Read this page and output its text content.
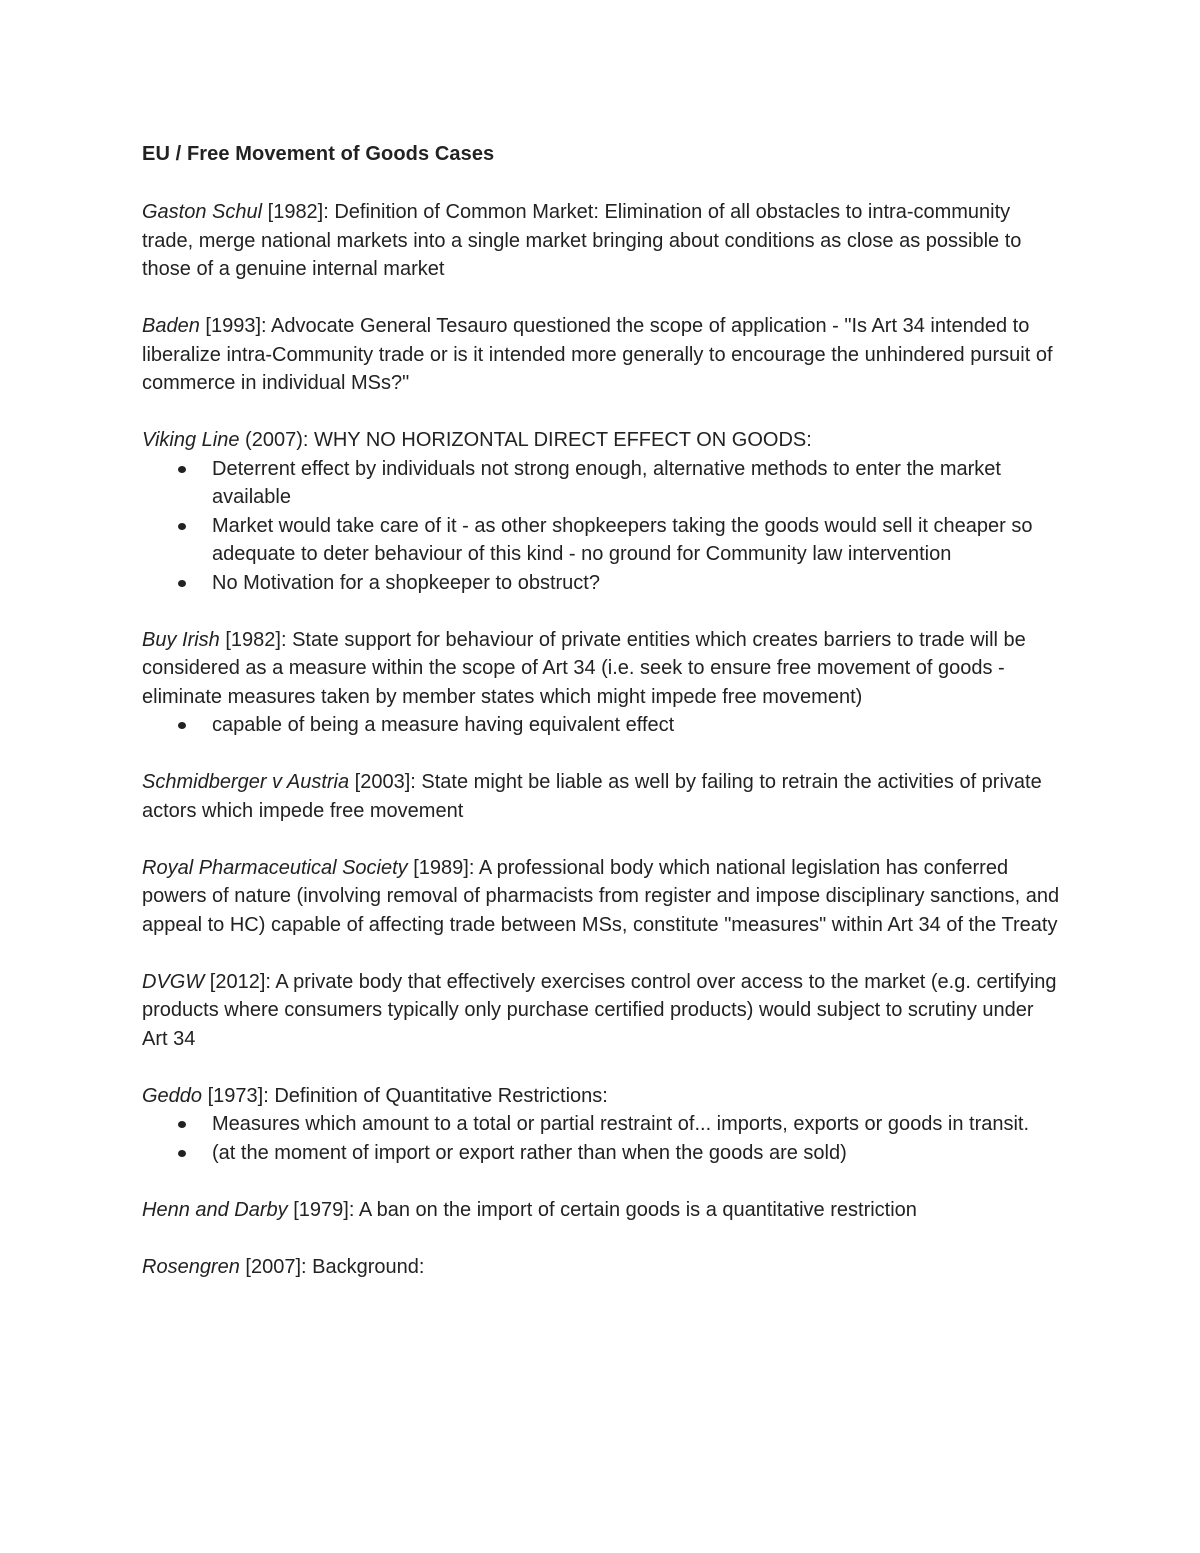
EU / Free Movement of Goods Cases

Gaston Schul [1982]: Definition of Common Market: Elimination of all obstacles to intra-community trade, merge national markets into a single market bringing about conditions as close as possible to those of a genuine internal market

Baden [1993]: Advocate General Tesauro questioned the scope of application - "Is Art 34 intended to liberalize intra-Community trade or is it intended more generally to encourage the unhindered pursuit of commerce in individual MSs?"

Viking Line (2007): WHY NO HORIZONTAL DIRECT EFFECT ON GOODS:

Deterrent effect by individuals not strong enough, alternative methods to enter the market available
Market would take care of it - as other shopkeepers taking the goods would sell it cheaper so adequate to deter behaviour of this kind - no ground for Community law intervention
No Motivation for a shopkeeper to obstruct?

Buy Irish [1982]: State support for behaviour of private entities which creates barriers to trade will be considered as a measure within the scope of Art 34 (i.e. seek to ensure free movement of goods - eliminate measures taken by member states which might impede free movement)

capable of being a measure having equivalent effect

Schmidberger v Austria [2003]: State might be liable as well by failing to retrain the activities of private actors which impede free movement

Royal Pharmaceutical Society [1989]: A professional body which national legislation has conferred powers of nature (involving removal of pharmacists from register and impose disciplinary sanctions, and appeal to HC) capable of affecting trade between MSs, constitute "measures" within Art 34 of the Treaty

DVGW [2012]: A private body that effectively exercises control over access to the market (e.g. certifying products where consumers typically only purchase certified products) would subject to scrutiny under Art 34

Geddo [1973]: Definition of Quantitative Restrictions:

Measures which amount to a total or partial restraint of... imports, exports or goods in transit.
(at the moment of import or export rather than when the goods are sold)

Henn and Darby [1979]: A ban on the import of certain goods is a quantitative restriction

Rosengren [2007]: Background:
